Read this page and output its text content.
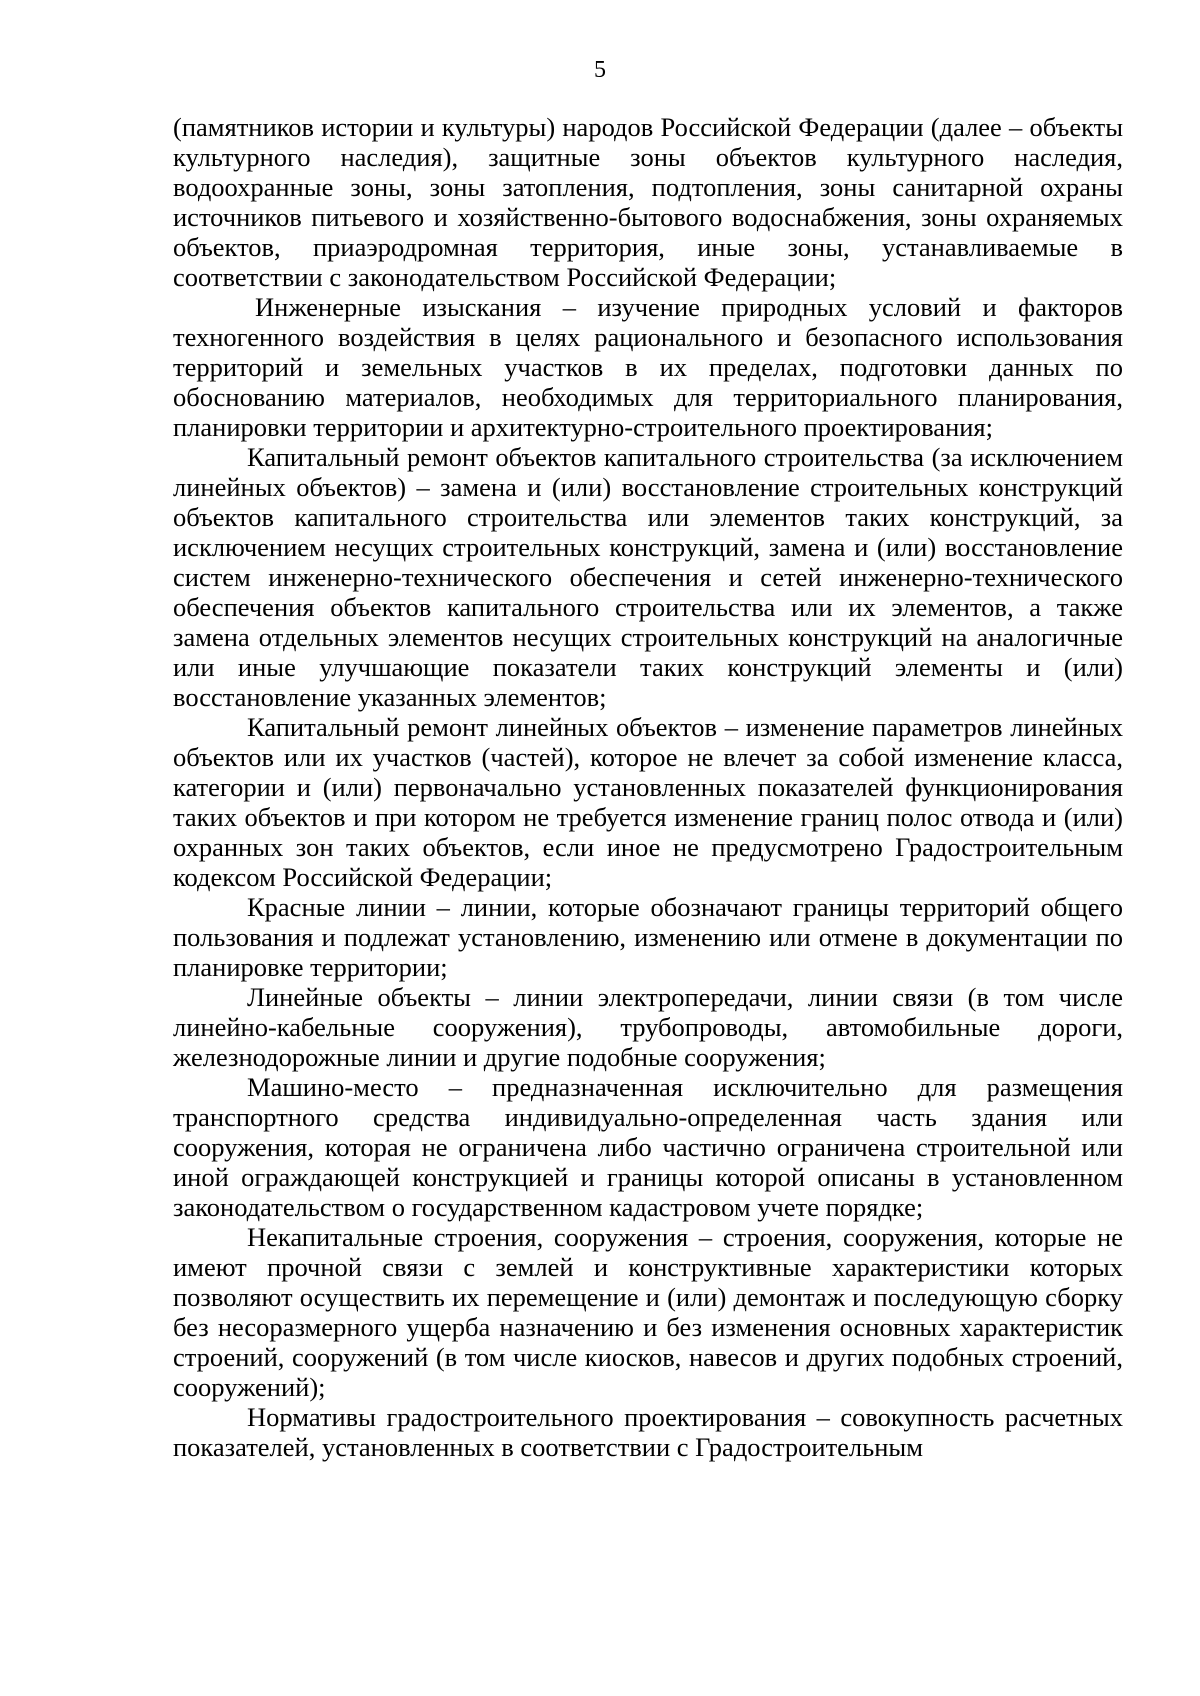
5

(памятников истории и культуры) народов Российской Федерации (далее – объекты культурного наследия), защитные зоны объектов культурного наследия, водоохранные зоны, зоны затопления, подтопления, зоны санитарной охраны источников питьевого и хозяйственно-бытового водоснабжения, зоны охраняемых объектов, приаэродромная территория, иные зоны, устанавливаемые в соответствии с законодательством Российской Федерации;

Инженерные изыскания – изучение природных условий и факторов техногенного воздействия в целях рационального и безопасного использования территорий и земельных участков в их пределах, подготовки данных по обоснованию материалов, необходимых для территориального планирования, планировки территории и архитектурно-строительного проектирования;

Капитальный ремонт объектов капитального строительства (за исключением линейных объектов) – замена и (или) восстановление строительных конструкций объектов капитального строительства или элементов таких конструкций, за исключением несущих строительных конструкций, замена и (или) восстановление систем инженерно-технического обеспечения и сетей инженерно-технического обеспечения объектов капитального строительства или их элементов, а также замена отдельных элементов несущих строительных конструкций на аналогичные или иные улучшающие показатели таких конструкций элементы и (или) восстановление указанных элементов;

Капитальный ремонт линейных объектов – изменение параметров линейных объектов или их участков (частей), которое не влечет за собой изменение класса, категории и (или) первоначально установленных показателей функционирования таких объектов и при котором не требуется изменение границ полос отвода и (или) охранных зон таких объектов, если иное не предусмотрено Градостроительным кодексом Российской Федерации;

Красные линии – линии, которые обозначают границы территорий общего пользования и подлежат установлению, изменению или отмене в документации по планировке территории;

Линейные объекты – линии электропередачи, линии связи (в том числе линейно-кабельные сооружения), трубопроводы, автомобильные дороги, железнодорожные линии и другие подобные сооружения;

Машино-место – предназначенная исключительно для размещения транспортного средства индивидуально-определенная часть здания или сооружения, которая не ограничена либо частично ограничена строительной или иной ограждающей конструкцией и границы которой описаны в установленном законодательством о государственном кадастровом учете порядке;

Некапитальные строения, сооружения – строения, сооружения, которые не имеют прочной связи с землей и конструктивные характеристики которых позволяют осуществить их перемещение и (или) демонтаж и последующую сборку без несоразмерного ущерба назначению и без изменения основных характеристик строений, сооружений (в том числе киосков, навесов и других подобных строений, сооружений);

Нормативы градостроительного проектирования – совокупность расчетных показателей, установленных в соответствии с Градостроительным
